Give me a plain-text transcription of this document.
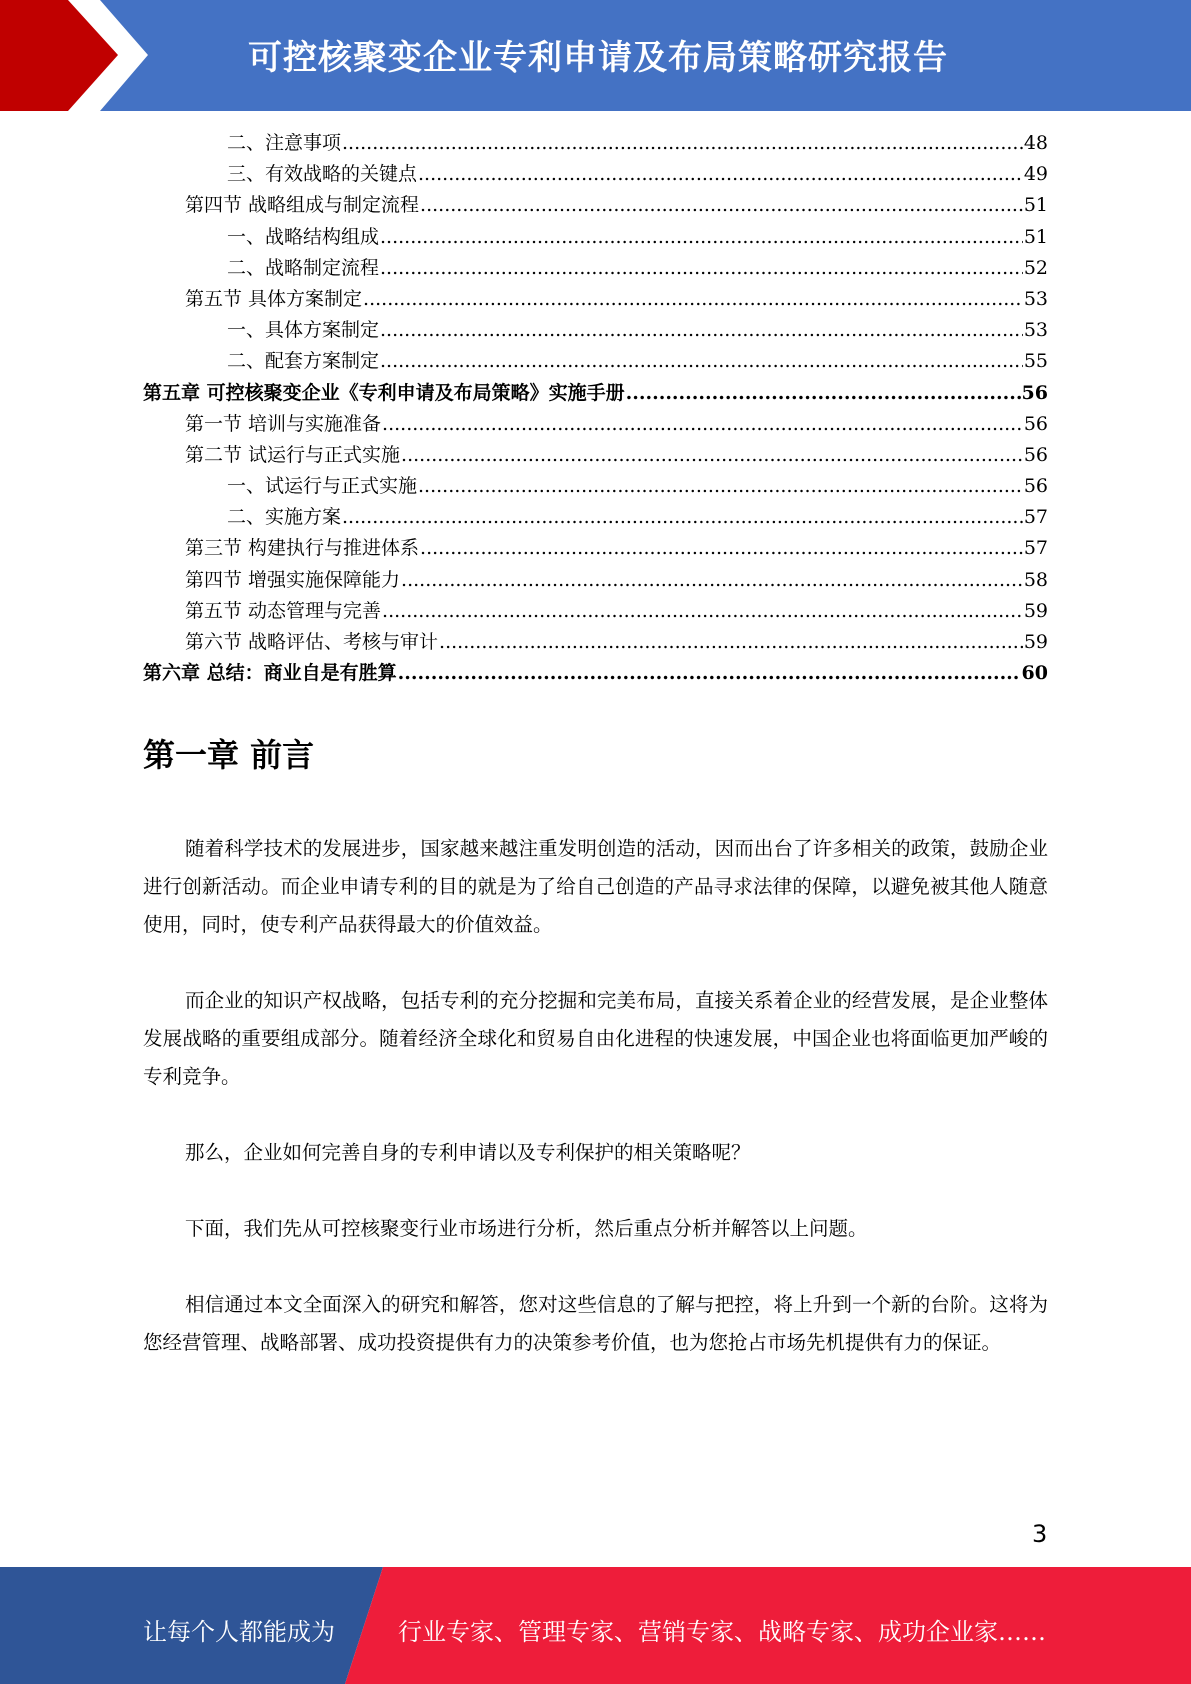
可控核聚变企业专利申请及布局策略研究报告
二、注意事项 .....	48
三、有效战略的关键点 .....	49
第四节 战略组成与制定流程 .....	51
一、战略结构组成 .....	51
二、战略制定流程 .....	52
第五节 具体方案制定 .....	53
一、具体方案制定 .....	53
二、配套方案制定 .....	55
第五章 可控核聚变企业《专利申请及布局策略》实施手册 .....	56
第一节 培训与实施准备 .....	56
第二节 试运行与正式实施 .....	56
一、试运行与正式实施 .....	56
二、实施方案 .....	57
第三节 构建执行与推进体系 .....	57
第四节 增强实施保障能力 .....	58
第五节 动态管理与完善 .....	59
第六节 战略评估、考核与审计 .....	59
第六章 总结：商业自是有胜算 .....	60
第一章 前言

随着科学技术的发展进步，国家越来越注重发明创造的活动，因而出台了许多相关的政策，鼓励企业进行创新活动。而企业申请专利的目的就是为了给自己创造的产品寻求法律的保障，以避免被其他人随意使用，同时，使专利产品获得最大的价值效益。

而企业的知识产权战略，包括专利的充分挖掘和完美布局，直接关系着企业的经营发展，是企业整体发展战略的重要组成部分。随着经济全球化和贸易自由化进程的快速发展，中国企业也将面临更加严峻的专利竞争。

那么，企业如何完善自身的专利申请以及专利保护的相关策略呢？

下面，我们先从可控核聚变行业市场进行分析，然后重点分析并解答以上问题。

相信通过本文全面深入的研究和解答，您对这些信息的了解与把控，将上升到一个新的台阶。这将为您经营管理、战略部署、成功投资提供有力的决策参考价值，也为您抢占市场先机提供有力的保证。

3
让每个人都能成为	行业专家、管理专家、营销专家、战略专家、成功企业家……
